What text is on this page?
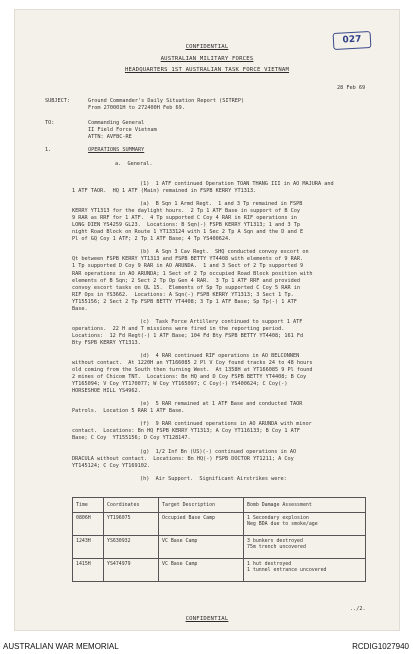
027
CONFIDENTIAL
AUSTRALIAN MILITARY FORCES
HEADQUARTERS 1ST AUSTRALIAN TASK FORCE VIETNAM
28 Feb 69
SUBJECT:	Ground Commander's Daily Situation Report (SITREP)
From 270001H to 272400H Feb 69.
TO:	Commanding General
II Field Force Vietnam
ATTN: AVFBC-RE
1.	OPERATIONS SUMMARY
a.  General.
(1)  1 ATF continued Operation TOAN THANG III in AO MAJURA and
1 ATF TAOR.  HQ 1 ATF (Main) remained in FSPB KERRY YT1313.
(a)  B Sqn 1 Armd Regt.  1 and 3 Tp remained in FSPB
KERRY YT1313 for the daylight hours.  2 Tp 1 ATF Base in support of B Coy
9 RAR as RRF for 1 ATF.  4 Tp supported C Coy 4 RAR in RIF operations in
LONG DIEN YS4259 GL23.  Locations: B Sqn(-) FSPB KERRY YT1313; 1 and 3 Tp
night Road Block on Route 1 YT133124 with 1 Sec 2 Tp A Sqn and the D and E
Pl of GQ Coy 1 ATF; 2 Tp 1 ATF Base; 4 Tp YS400624.
(b)  A Sqn 3 Cav Regt.  SHQ conducted convoy escort on
Qt between FSPB KERRY YT1313 and FSPB BETTY YT4408 with elements of 9 RAR.
1 Tp supported D Coy 9 RAR in AO ARUNDA.  1 and 3 Sect of 2 Tp supported 9
RAR operations in AO ARUNDA; 1 Sect of 2 Tp occupied Road Block position with
elements of B Sqn; 2 Sect 2 Tp Op Gen 4 RAR.  3 Tp 1 ATF RRF and provided
convoy escort tasks on QL 15.  Elements of Sp Tp supported C Coy 5 RAR in
RIF Ops in YS3662.  Locations: A Sqn(-) FSPB KERRY YT1313; 3 Sect 1 Tp.
YT155156; 2 Sect 2 Tp FSPB BETTY YT4408; 3 Tp 1 ATF Base; Sp Tp(-) 1 ATF
Base.
(c)  Task Force Artillery continued to support 1 ATF
operations.  22 H and T missions were fired in the reporting period.
Locations:  12 Fd Regt(-) 1 ATF Base; 104 Fd Bty FSPB BETTY YT4408; 161 Fd
Bty FSPB KERRY YT1313.
(d)  4 RAR continued RIF operations in AO BELCONNEN
without contact.  At 1220H an YT166085 2 Pl V Coy found tracks 24 to 48 hours
old coming from the South then turning West.  At 1358H at YT166085 9 Pl found
2 mines of Chicom TNT.  Locations: Bn HQ and D Coy FSPB BETTY YT4408; B Coy
YT165094; V Coy YT170077; W Coy YT165097; C Coy(-) YS400624; C Coy(-)
HORSESHOE HILL YS4962.
(e)  5 RAR remained at 1 ATF Base and conducted TAOR
Patrols.  Location 5 RAR 1 ATF Base.
(f)  9 RAR continued operations in AO ARUNDA with minor
contact.  Locations: Bn HQ FSPB KERRY YT1313; A Coy YT116133; B Coy 1 ATF
Base; C Coy  YT155156; D Coy YT128147.
(g)  1/2 Inf Bn (US)(-) continued operations in AO
DRACULA without contact.  Locations: Bn HQ(-) FSPB DOCTOR YT1211; A Coy
YT145124; C Coy YT169102.
(h)  Air Support.  Significant Airstrikes were:
Time	Coordinates	Target Description	Bomb Damage Assessment
0806H	YT196075	Occupied Base Camp	1 Secondary explosion
Neg BDA due to smoke/age
1243H	YS630932	VC Base Camp	3 bunkers destroyed
75m trench uncovered
1415H	YS474979	VC Base Camp	1 hut destroyed
1 tunnel entrance uncovered
../2.
CONFIDENTIAL
AUSTRALIAN WAR MEMORIAL	RCDIG1027940
